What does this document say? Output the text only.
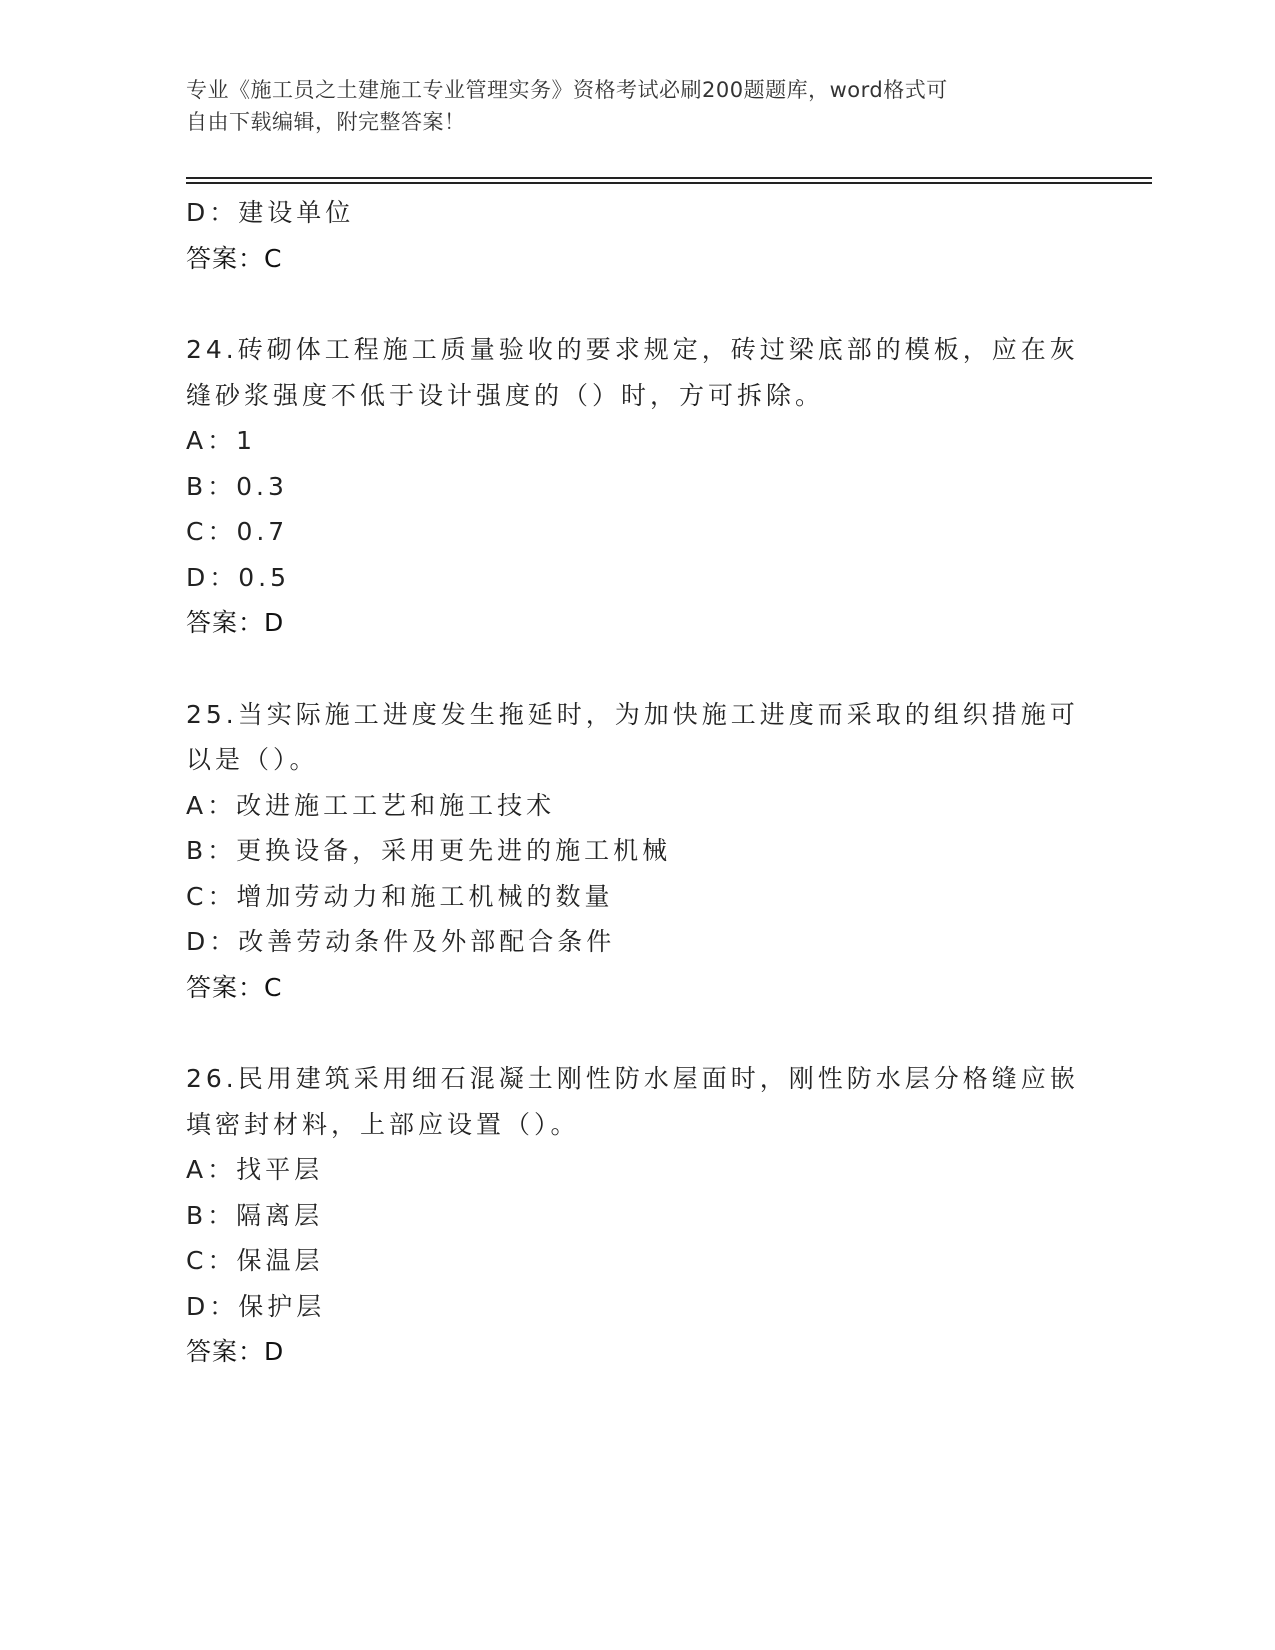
专业《施工员之土建施工专业管理实务》资格考试必刷200题题库，word格式可
自由下载编辑，附完整答案！
D：建设单位
答案：C
24.砖砌体工程施工质量验收的要求规定，砖过梁底部的模板，应在灰
缝砂浆强度不低于设计强度的（）时，方可拆除。
A：1
B：0.3
C：0.7
D：0.5
答案：D
25.当实际施工进度发生拖延时，为加快施工进度而采取的组织措施可
以是（）。
A：改进施工工艺和施工技术
B：更换设备，采用更先进的施工机械
C：增加劳动力和施工机械的数量
D：改善劳动条件及外部配合条件
答案：C
26.民用建筑采用细石混凝土刚性防水屋面时，刚性防水层分格缝应嵌
填密封材料，上部应设置（）。
A：找平层
B：隔离层
C：保温层
D：保护层
答案：D
